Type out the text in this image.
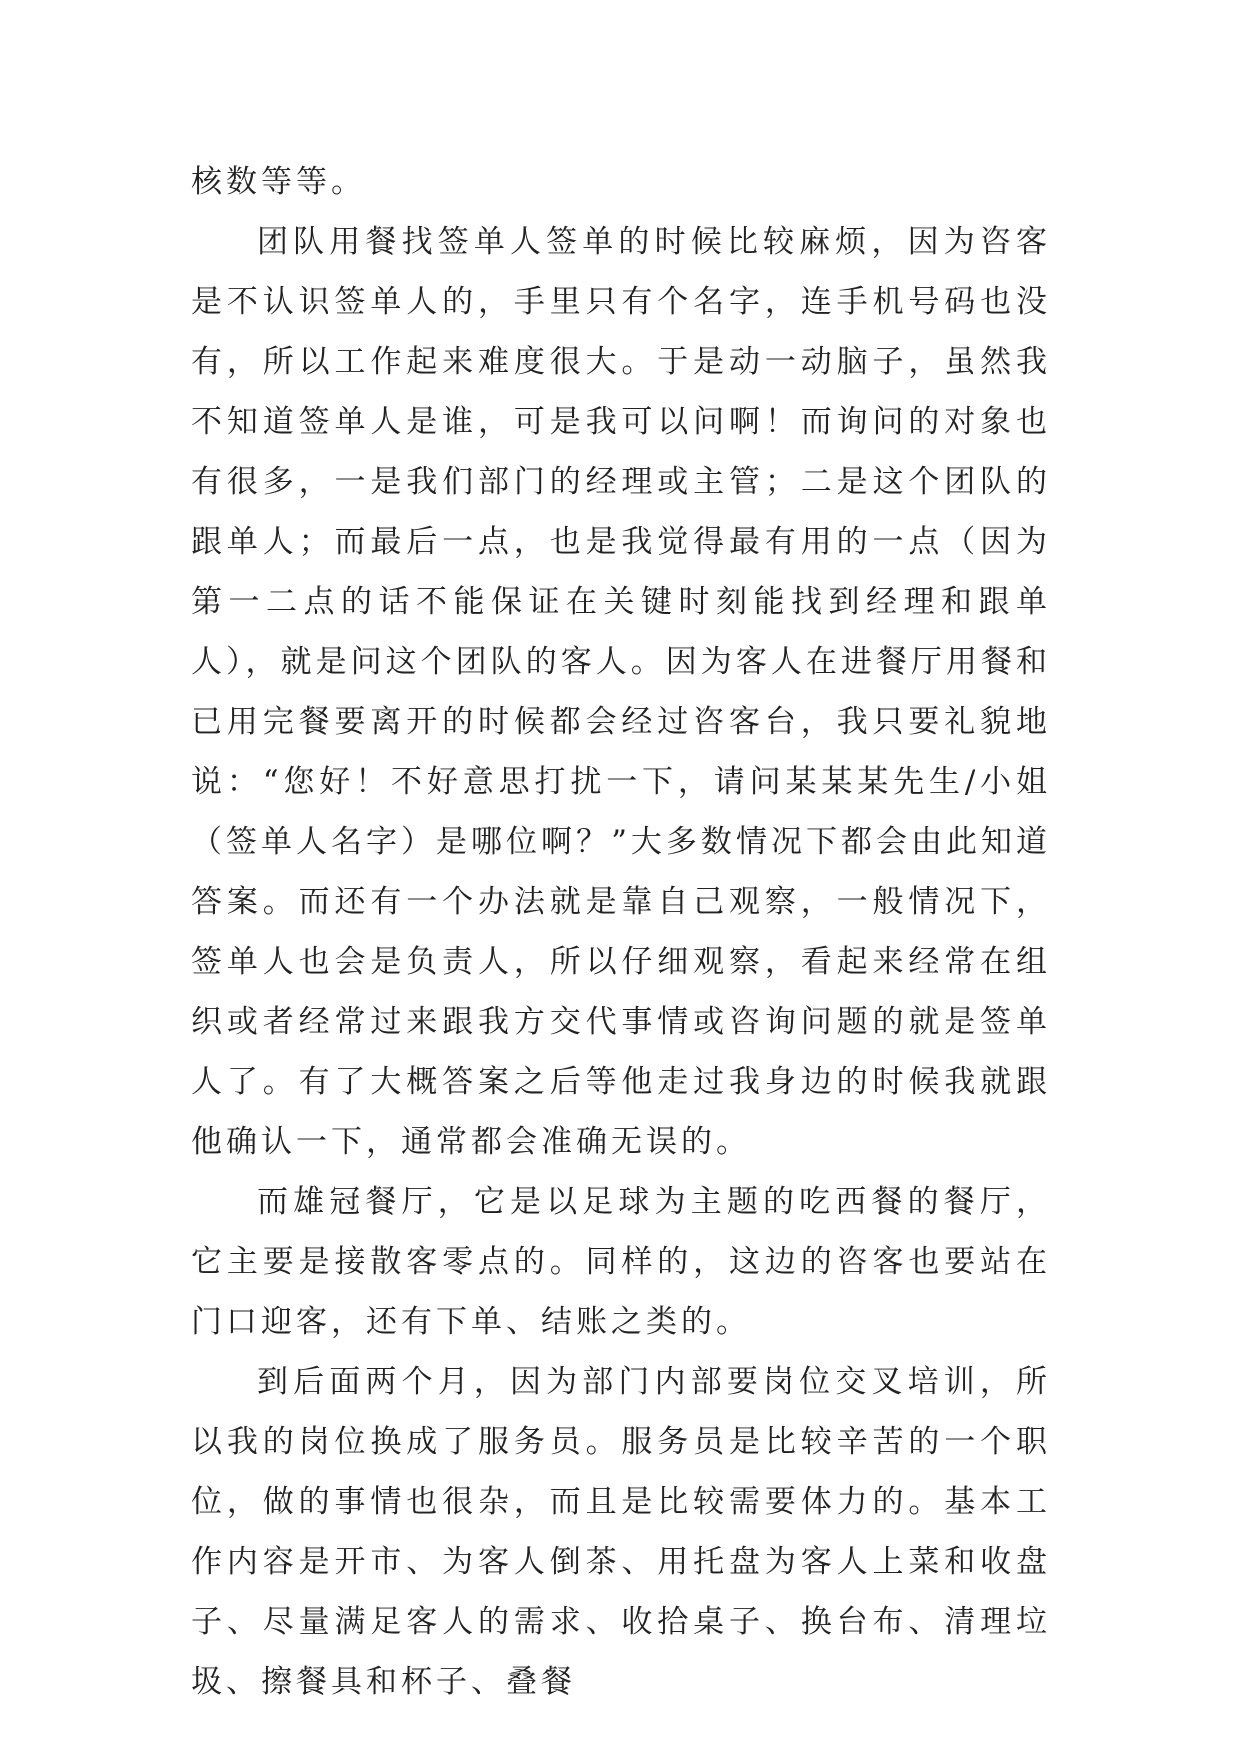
核数等等。

团队用餐找签单人签单的时候比较麻烦，因为咨客是不认识签单人的，手里只有个名字，连手机号码也没有，所以工作起来难度很大。于是动一动脑子，虽然我不知道签单人是谁，可是我可以问啊！而询问的对象也有很多，一是我们部门的经理或主管；二是这个团队的跟单人；而最后一点，也是我觉得最有用的一点（因为第一二点的话不能保证在关键时刻能找到经理和跟单人），就是问这个团队的客人。因为客人在进餐厅用餐和已用完餐要离开的时候都会经过咨客台，我只要礼貌地说：“您好！不好意思打扰一下，请问某某某先生/小姐（签单人名字）是哪位啊？”大多数情况下都会由此知道答案。而还有一个办法就是靠自己观察，一般情况下，签单人也会是负责人，所以仔细观察，看起来经常在组织或者经常过来跟我方交代事情或咨询问题的就是签单人了。有了大概答案之后等他走过我身边的时候我就跟他确认一下，通常都会准确无误的。

而雄冠餐厅，它是以足球为主题的吃西餐的餐厅，它主要是接散客零点的。同样的，这边的咨客也要站在门口迎客，还有下单、结账之类的。

到后面两个月，因为部门内部要岗位交叉培训，所以我的岗位换成了服务员。服务员是比较辛苦的一个职位，做的事情也很杂，而且是比较需要体力的。基本工作内容是开市、为客人倒茶、用托盘为客人上菜和收盘子、尽量满足客人的需求、收拾桌子、换台布、清理垃圾、擦餐具和杯子、叠餐
